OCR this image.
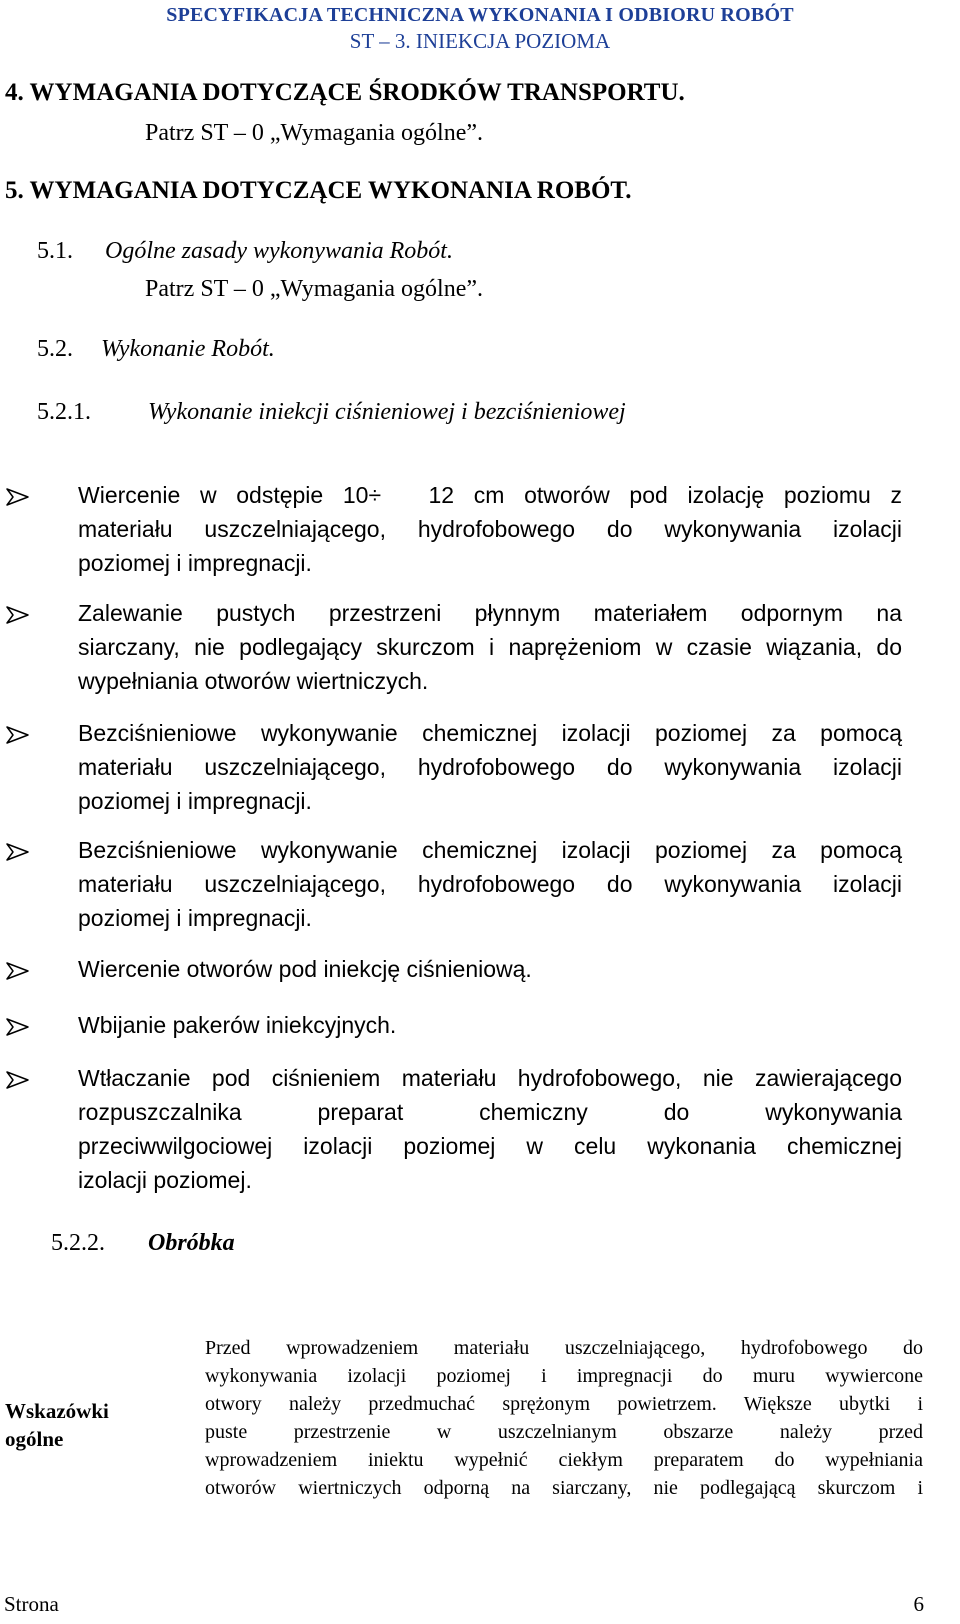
SPECYFIKACJA TECHNICZNA WYKONANIA I ODBIORU ROBÓT
ST – 3. INIEKCJA POZIOMA
4. WYMAGANIA DOTYCZĄCE ŚRODKÓW TRANSPORTU.
Patrz ST – 0 „Wymagania ogólne”.
5. WYMAGANIA DOTYCZĄCE WYKONANIA ROBÓT.
5.1. Ogólne zasady wykonywania Robót.
Patrz ST – 0 „Wymagania ogólne”.
5.2. Wykonanie Robót.
5.2.1. Wykonanie iniekcji ciśnieniowej i bezciśnieniowej
Wiercenie w odstępie 10÷ 12 cm otworów pod izolację poziomu z
materiału uszczelniającego, hydrofobowego do wykonywania izolacji
poziomej i impregnacji.
Zalewanie pustych przestrzeni płynnym materiałem odpornym na
siarczany, nie podlegający skurczom i naprężeniom w czasie wiązania, do
wypełniania otworów wiertniczych.
Bezciśnieniowe wykonywanie chemicznej izolacji poziomej za pomocą
materiału uszczelniającego, hydrofobowego do wykonywania izolacji
poziomej i impregnacji.
Bezciśnieniowe wykonywanie chemicznej izolacji poziomej za pomocą
materiału uszczelniającego, hydrofobowego do wykonywania izolacji
poziomej i impregnacji.
Wiercenie otworów pod iniekcję ciśnieniową.
Wbijanie pakerów iniekcyjnych.
Wtłaczanie pod ciśnieniem materiału hydrofobowego, nie zawierającego
rozpuszczalnika preparat chemiczny do wykonywania
przeciwwilgociowej izolacji poziomej w celu wykonania chemicznej
izolacji poziomej.
5.2.2. Obróbka
Wskazówki
ogólne
Przed wprowadzeniem materiału uszczelniającego, hydrofobowego do
wykonywania izolacji poziomej i impregnacji do muru wywiercone
otwory należy przedmuchać sprężonym powietrzem. Większe ubytki i
puste przestrzenie w uszczelnianym obszarze należy przed
wprowadzeniem iniektu wypełnić ciekłym preparatem do wypełniania
otworów wiertniczych odporną na siarczany, nie podlegającą skurczom i
Strona	6
